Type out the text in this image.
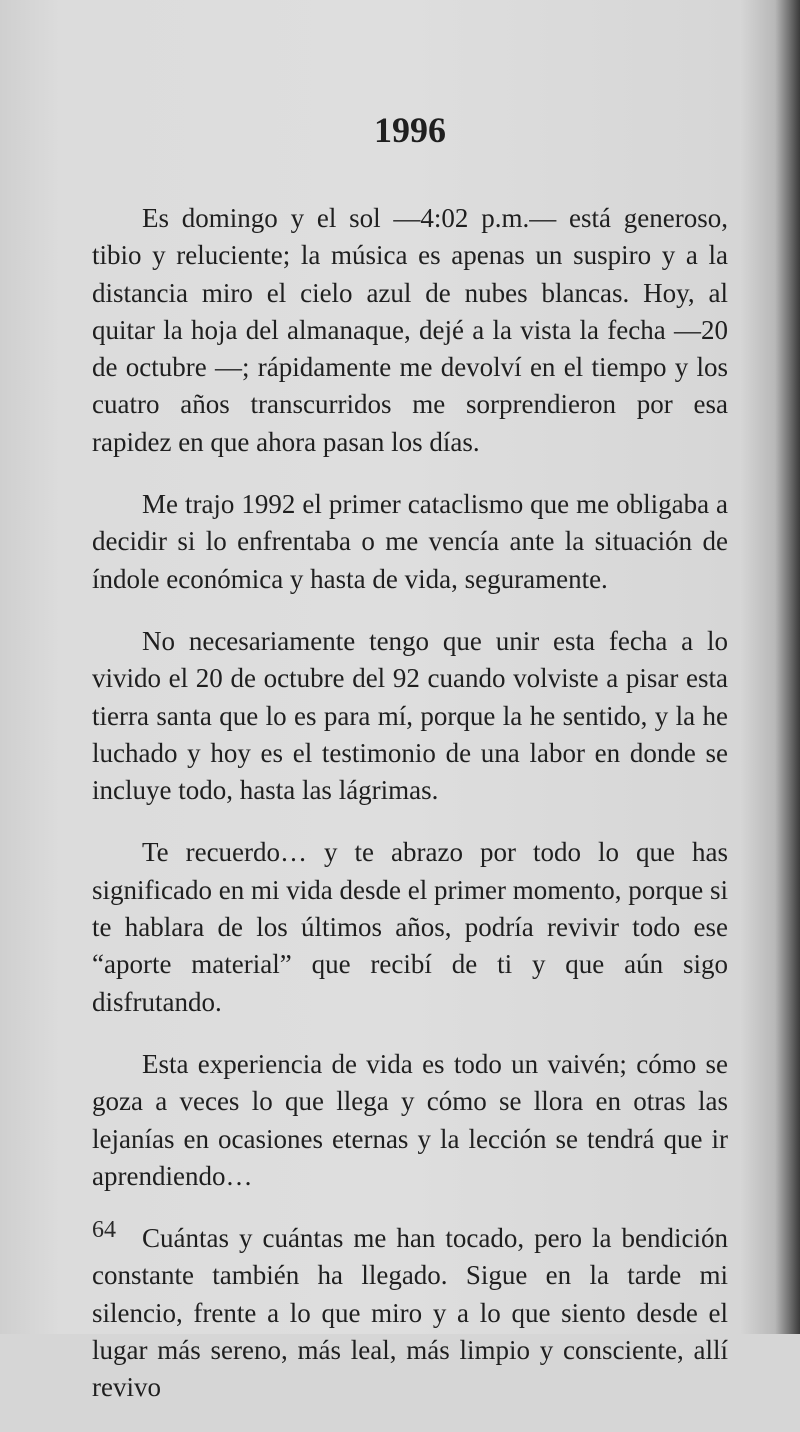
1996

Es domingo y el sol —4:02 p.m.— está generoso, tibio y reluciente; la música es apenas un suspiro y a la distancia miro el cielo azul de nubes blancas. Hoy, al quitar la hoja del almanaque, dejé a la vista la fecha —20 de octubre —; rápidamente me devolví en el tiempo y los cuatro años transcurridos me sorprendieron por esa rapidez en que ahora pasan los días.

Me trajo 1992 el primer cataclismo que me obligaba a decidir si lo enfrentaba o me vencía ante la situación de índole económica y hasta de vida, seguramente.

No necesariamente tengo que unir esta fecha a lo vivido el 20 de octubre del 92 cuando volviste a pisar esta tierra santa que lo es para mí, porque la he sentido, y la he luchado y hoy es el testimonio de una labor en donde se incluye todo, hasta las lágrimas.

Te recuerdo… y te abrazo por todo lo que has significado en mi vida desde el primer momento, porque si te hablara de los últimos años, podría revivir todo ese “aporte material” que recibí de ti y que aún sigo disfrutando.

Esta experiencia de vida es todo un vaivén; cómo se goza a veces lo que llega y cómo se llora en otras las lejanías en ocasiones eternas y la lección se tendrá que ir aprendiendo…

Cuántas y cuántas me han tocado, pero la bendición constante también ha llegado. Sigue en la tarde mi silencio, frente a lo que miro y a lo que siento desde el lugar más sereno, más leal, más limpio y consciente, allí revivo

64
